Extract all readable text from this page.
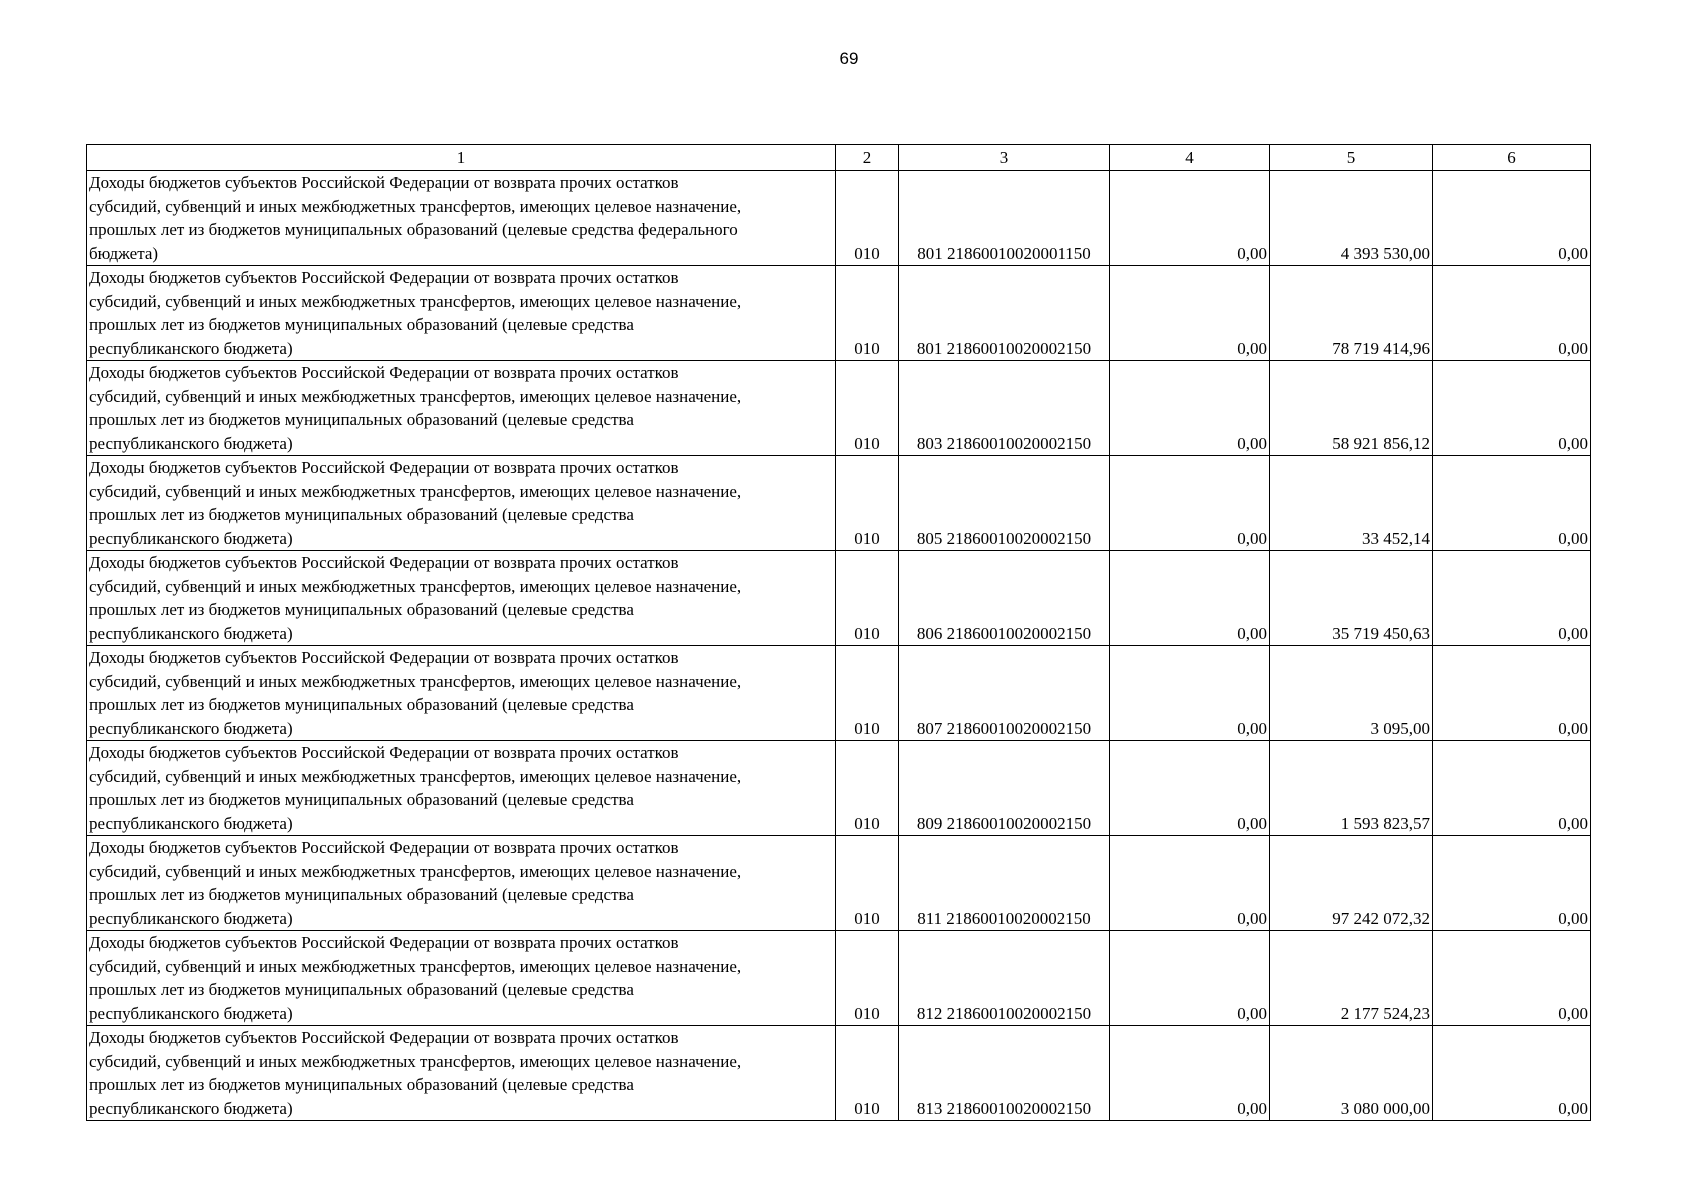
69
1	2	3	4	5	6

Доходы бюджетов субъектов Российской Федерации от возврата прочих остатков
субсидий, субвенций и иных межбюджетных трансфертов, имеющих целевое назначение,
прошлых лет из бюджетов муниципальных образований (целевые средства федерального
бюджета)	010	801 21860010020001150	0,00	4 393 530,00	0,00

Доходы бюджетов субъектов Российской Федерации от возврата прочих остатков
субсидий, субвенций и иных межбюджетных трансфертов, имеющих целевое назначение,
прошлых лет из бюджетов муниципальных образований (целевые средства
республиканского бюджета)	010	801 21860010020002150	0,00	78 719 414,96	0,00

Доходы бюджетов субъектов Российской Федерации от возврата прочих остатков
субсидий, субвенций и иных межбюджетных трансфертов, имеющих целевое назначение,
прошлых лет из бюджетов муниципальных образований (целевые средства
республиканского бюджета)	010	803 21860010020002150	0,00	58 921 856,12	0,00

Доходы бюджетов субъектов Российской Федерации от возврата прочих остатков
субсидий, субвенций и иных межбюджетных трансфертов, имеющих целевое назначение,
прошлых лет из бюджетов муниципальных образований (целевые средства
республиканского бюджета)	010	805 21860010020002150	0,00	33 452,14	0,00

Доходы бюджетов субъектов Российской Федерации от возврата прочих остатков
субсидий, субвенций и иных межбюджетных трансфертов, имеющих целевое назначение,
прошлых лет из бюджетов муниципальных образований (целевые средства
республиканского бюджета)	010	806 21860010020002150	0,00	35 719 450,63	0,00

Доходы бюджетов субъектов Российской Федерации от возврата прочих остатков
субсидий, субвенций и иных межбюджетных трансфертов, имеющих целевое назначение,
прошлых лет из бюджетов муниципальных образований (целевые средства
республиканского бюджета)	010	807 21860010020002150	0,00	3 095,00	0,00

Доходы бюджетов субъектов Российской Федерации от возврата прочих остатков
субсидий, субвенций и иных межбюджетных трансфертов, имеющих целевое назначение,
прошлых лет из бюджетов муниципальных образований (целевые средства
республиканского бюджета)	010	809 21860010020002150	0,00	1 593 823,57	0,00

Доходы бюджетов субъектов Российской Федерации от возврата прочих остатков
субсидий, субвенций и иных межбюджетных трансфертов, имеющих целевое назначение,
прошлых лет из бюджетов муниципальных образований (целевые средства
республиканского бюджета)	010	811 21860010020002150	0,00	97 242 072,32	0,00

Доходы бюджетов субъектов Российской Федерации от возврата прочих остатков
субсидий, субвенций и иных межбюджетных трансфертов, имеющих целевое назначение,
прошлых лет из бюджетов муниципальных образований (целевые средства
республиканского бюджета)	010	812 21860010020002150	0,00	2 177 524,23	0,00

Доходы бюджетов субъектов Российской Федерации от возврата прочих остатков
субсидий, субвенций и иных межбюджетных трансфертов, имеющих целевое назначение,
прошлых лет из бюджетов муниципальных образований (целевые средства
республиканского бюджета)	010	813 21860010020002150	0,00	3 080 000,00	0,00
